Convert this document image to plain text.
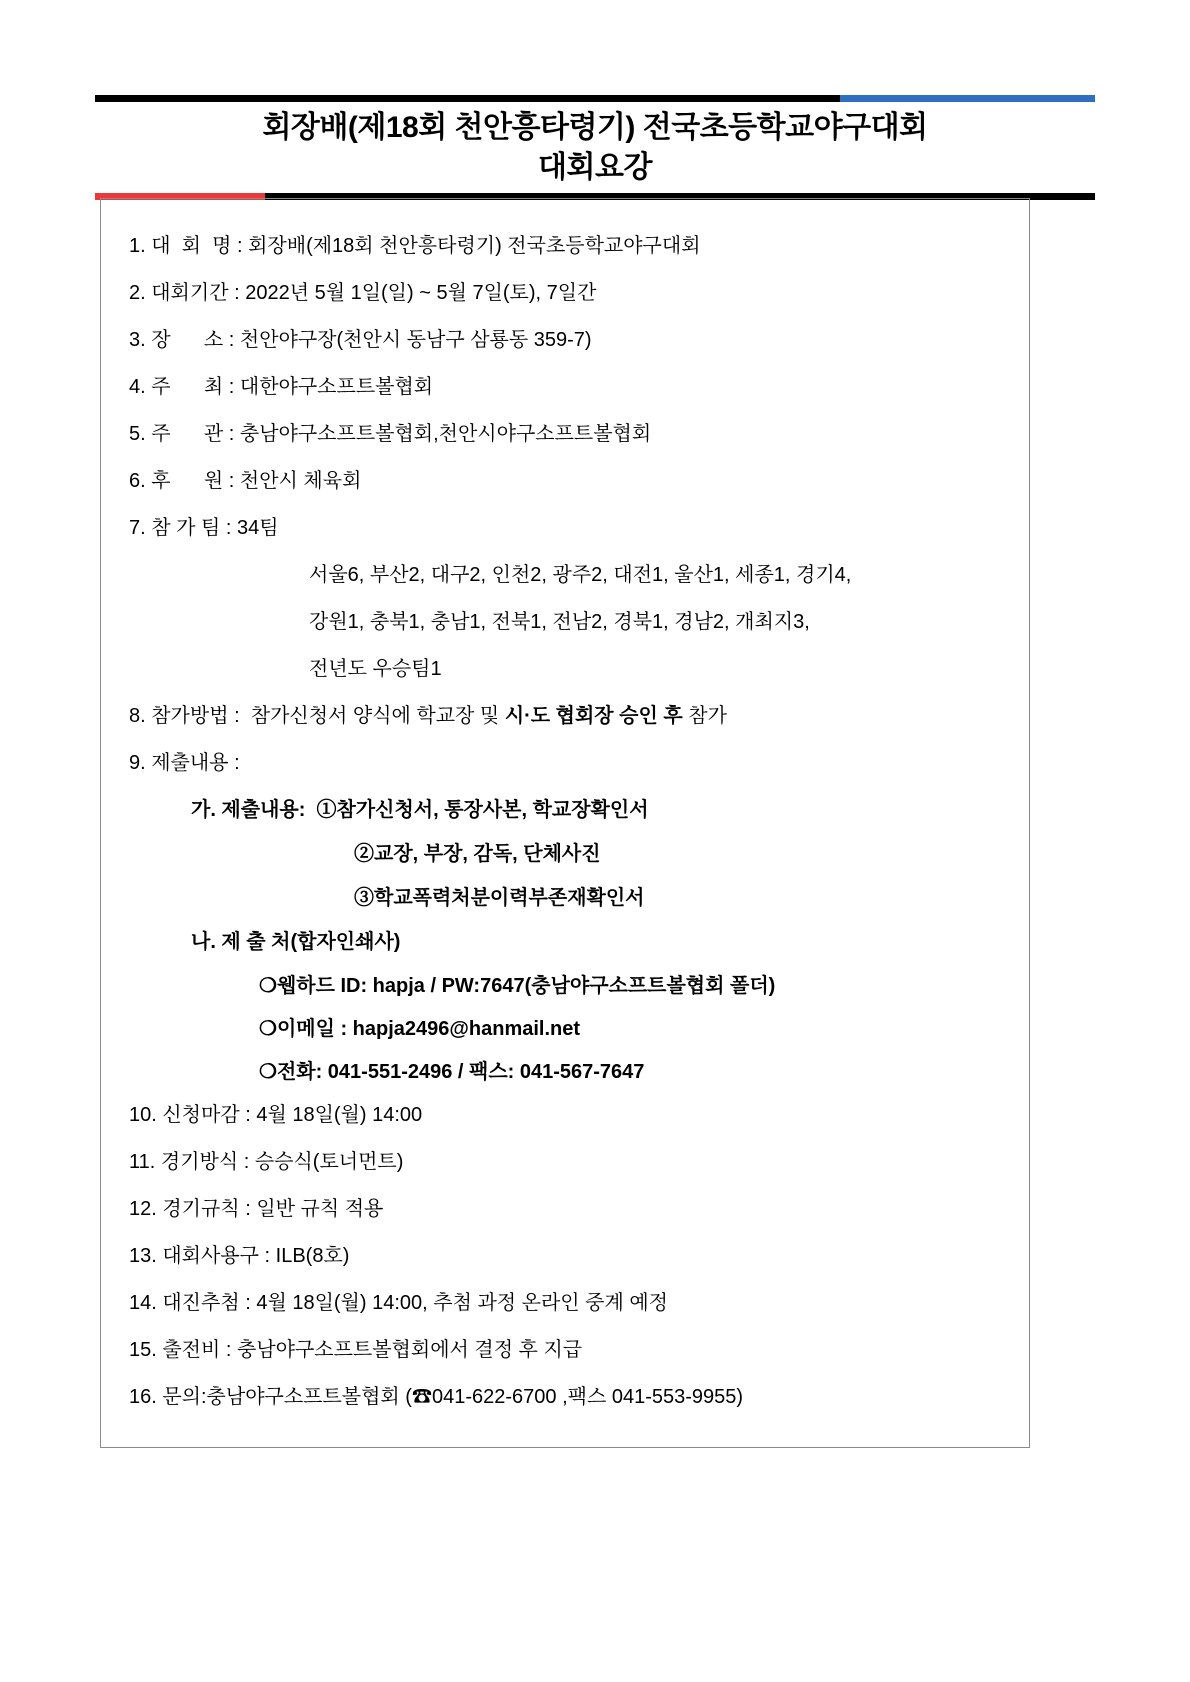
회장배(제18회 천안흥타령기) 전국초등학교야구대회
대회요강
1. 대  회  명 : 회장배(제18회 천안흥타령기) 전국초등학교야구대회
2. 대회기간 : 2022년 5월 1일(일) ~ 5월 7일(토), 7일간
3. 장      소 : 천안야구장(천안시 동남구 삼룡동 359-7)
4. 주      최 : 대한야구소프트볼협회
5. 주      관 : 충남야구소프트볼협회,천안시야구소프트볼협회
6. 후      원 : 천안시 체육회
7. 참 가 팀 : 34팀
서울6, 부산2, 대구2, 인천2, 광주2, 대전1, 울산1, 세종1, 경기4,
강원1, 충북1, 충남1, 전북1, 전남2, 경북1, 경남2, 개최지3,
전년도 우승팀1
8. 참가방법 :  참가신청서 양식에 학교장 및 시·도 협회장 승인 후 참가
9. 제출내용 :
가. 제출내용:  ①참가신청서, 통장사본, 학교장확인서
②교장, 부장, 감독, 단체사진
③학교폭력처분이력부존재확인서
나. 제 출 처(합자인쇄사)
❍웹하드 ID: hapja / PW:7647(충남야구소프트볼협회 폴더)
❍이메일 : hapja2496@hanmail.net
❍전화: 041-551-2496 / 팩스: 041-567-7647
10. 신청마감 : 4월 18일(월) 14:00
11. 경기방식 : 승승식(토너먼트)
12. 경기규칙 : 일반 규칙 적용
13. 대회사용구 : ILB(8호)
14. 대진추첨 : 4월 18일(월) 14:00, 추첨 과정 온라인 중계 예정
15. 출전비 : 충남야구소프트볼협회에서 결정 후 지급
16. 문의:충남야구소프트볼협회 (☎041-622-6700 ,팩스 041-553-9955)
